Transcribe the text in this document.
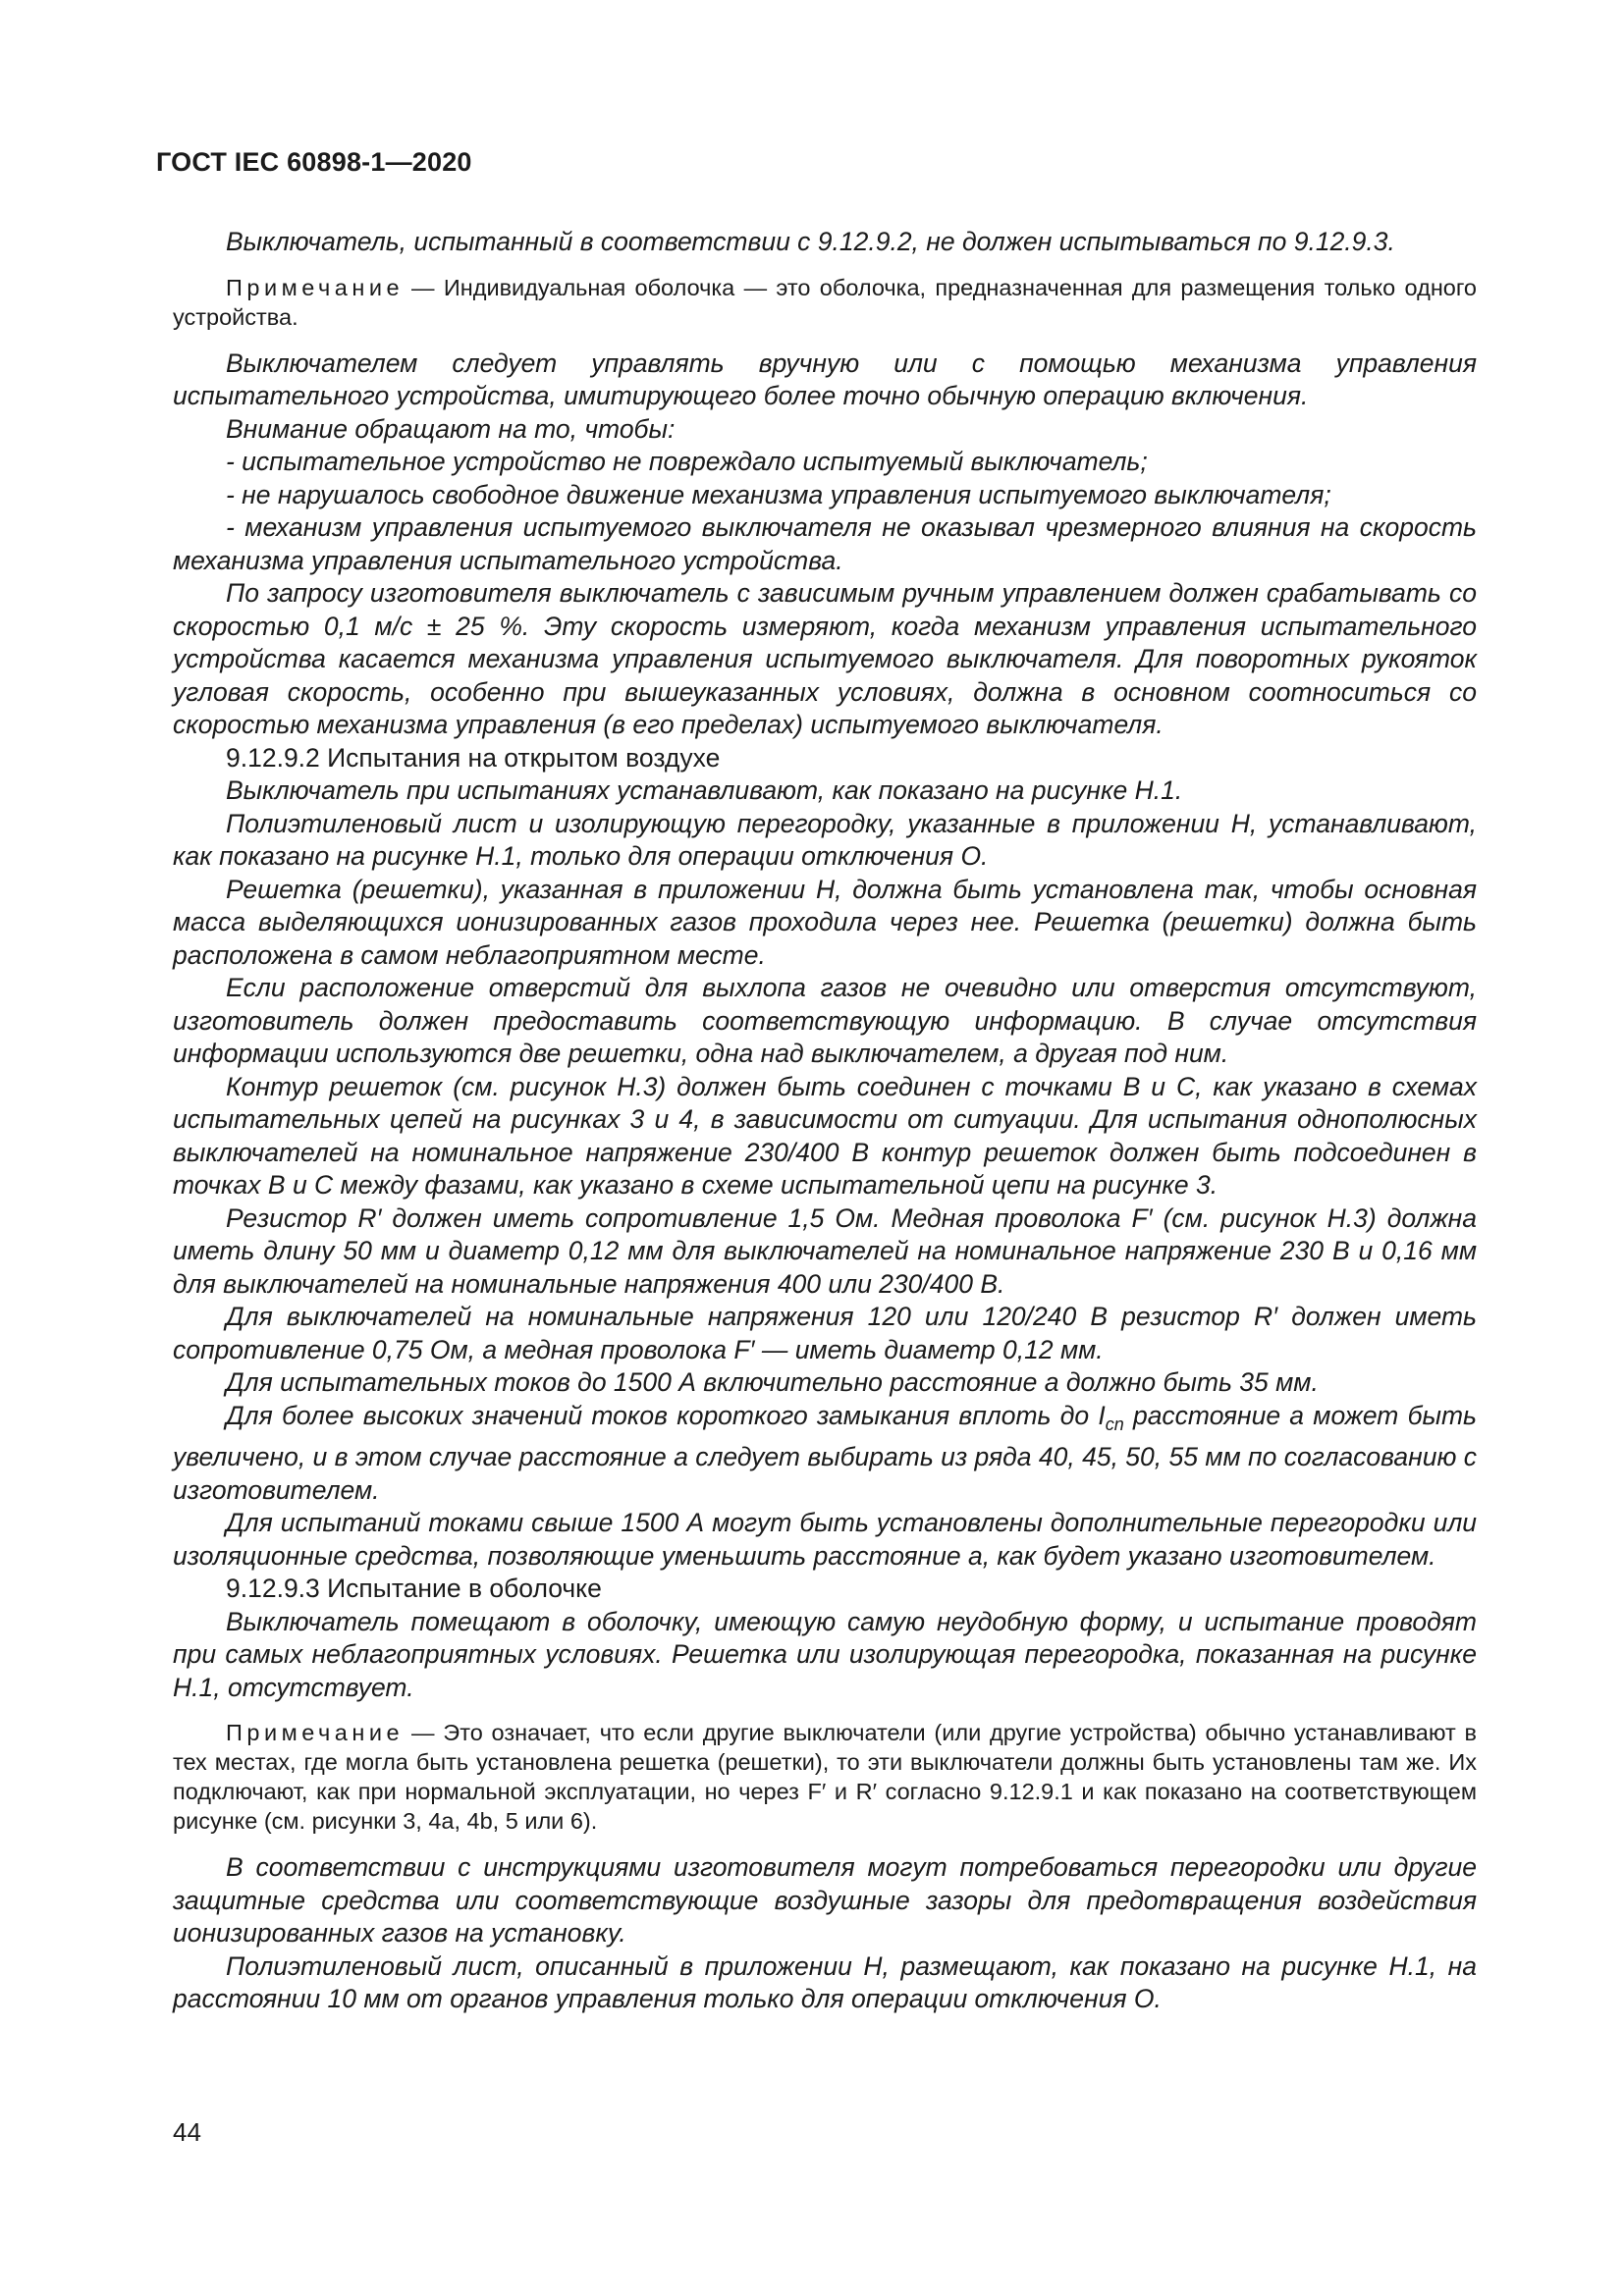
ГОСТ IEC 60898-1—2020

Выключатель, испытанный в соответствии с 9.12.9.2, не должен испытываться по 9.12.9.3.

Примечание — Индивидуальная оболочка — это оболочка, предназначенная для размещения только одного устройства.

Выключателем следует управлять вручную или с помощью механизма управления испытательного устройства, имитирующего более точно обычную операцию включения.

Внимание обращают на то, чтобы:

- испытательное устройство не повреждало испытуемый выключатель;

- не нарушалось свободное движение механизма управления испытуемого выключателя;

- механизм управления испытуемого выключателя не оказывал чрезмерного влияния на скорость механизма управления испытательного устройства.

По запросу изготовителя выключатель с зависимым ручным управлением должен срабатывать со скоростью 0,1 м/с ± 25 %. Эту скорость измеряют, когда механизм управления испытательного устройства касается механизма управления испытуемого выключателя. Для поворотных рукояток угловая скорость, особенно при вышеуказанных условиях, должна в основном соотноситься со скоростью механизма управления (в его пределах) испытуемого выключателя.

9.12.9.2 Испытания на открытом воздухе

Выключатель при испытаниях устанавливают, как показано на рисунке Н.1.

Полиэтиленовый лист и изолирующую перегородку, указанные в приложении Н, устанавливают, как показано на рисунке Н.1, только для операции отключения О.

Решетка (решетки), указанная в приложении Н, должна быть установлена так, чтобы основная масса выделяющихся ионизированных газов проходила через нее. Решетка (решетки) должна быть расположена в самом неблагоприятном месте.

Если расположение отверстий для выхлопа газов не очевидно или отверстия отсутствуют, изготовитель должен предоставить соответствующую информацию. В случае отсутствия информации используются две решетки, одна над выключателем, а другая под ним.

Контур решеток (см. рисунок Н.3) должен быть соединен с точками В и С, как указано в схемах испытательных цепей на рисунках 3 и 4, в зависимости от ситуации. Для испытания однополюсных выключателей на номинальное напряжение 230/400 В контур решеток должен быть подсоединен в точках В и С между фазами, как указано в схеме испытательной цепи на рисунке 3.

Резистор R′ должен иметь сопротивление 1,5 Ом. Медная проволока F′ (см. рисунок Н.3) должна иметь длину 50 мм и диаметр 0,12 мм для выключателей на номинальное напряжение 230 В и 0,16 мм для выключателей на номинальные напряжения 400 или 230/400 В.

Для выключателей на номинальные напряжения 120 или 120/240 В резистор R′ должен иметь сопротивление 0,75 Ом, а медная проволока F′ — иметь диаметр 0,12 мм.

Для испытательных токов до 1500 А включительно расстояние а должно быть 35 мм.

Для более высоких значений токов короткого замыкания вплоть до $I_{cn}$ расстояние а может быть увеличено, и в этом случае расстояние а следует выбирать из ряда 40, 45, 50, 55 мм по согласованию с изготовителем.

Для испытаний токами свыше 1500 А могут быть установлены дополнительные перегородки или изоляционные средства, позволяющие уменьшить расстояние а, как будет указано изготовителем.

9.12.9.3 Испытание в оболочке

Выключатель помещают в оболочку, имеющую самую неудобную форму, и испытание проводят при самых неблагоприятных условиях. Решетка или изолирующая перегородка, показанная на рисунке Н.1, отсутствует.

Примечание — Это означает, что если другие выключатели (или другие устройства) обычно устанавливают в тех местах, где могла быть установлена решетка (решетки), то эти выключатели должны быть установлены там же. Их подключают, как при нормальной эксплуатации, но через F′ и R′ согласно 9.12.9.1 и как показано на соответствующем рисунке (см. рисунки 3, 4a, 4b, 5 или 6).

В соответствии с инструкциями изготовителя могут потребоваться перегородки или другие защитные средства или соответствующие воздушные зазоры для предотвращения воздействия ионизированных газов на установку.

Полиэтиленовый лист, описанный в приложении Н, размещают, как показано на рисунке Н.1, на расстоянии 10 мм от органов управления только для операции отключения О.

44
